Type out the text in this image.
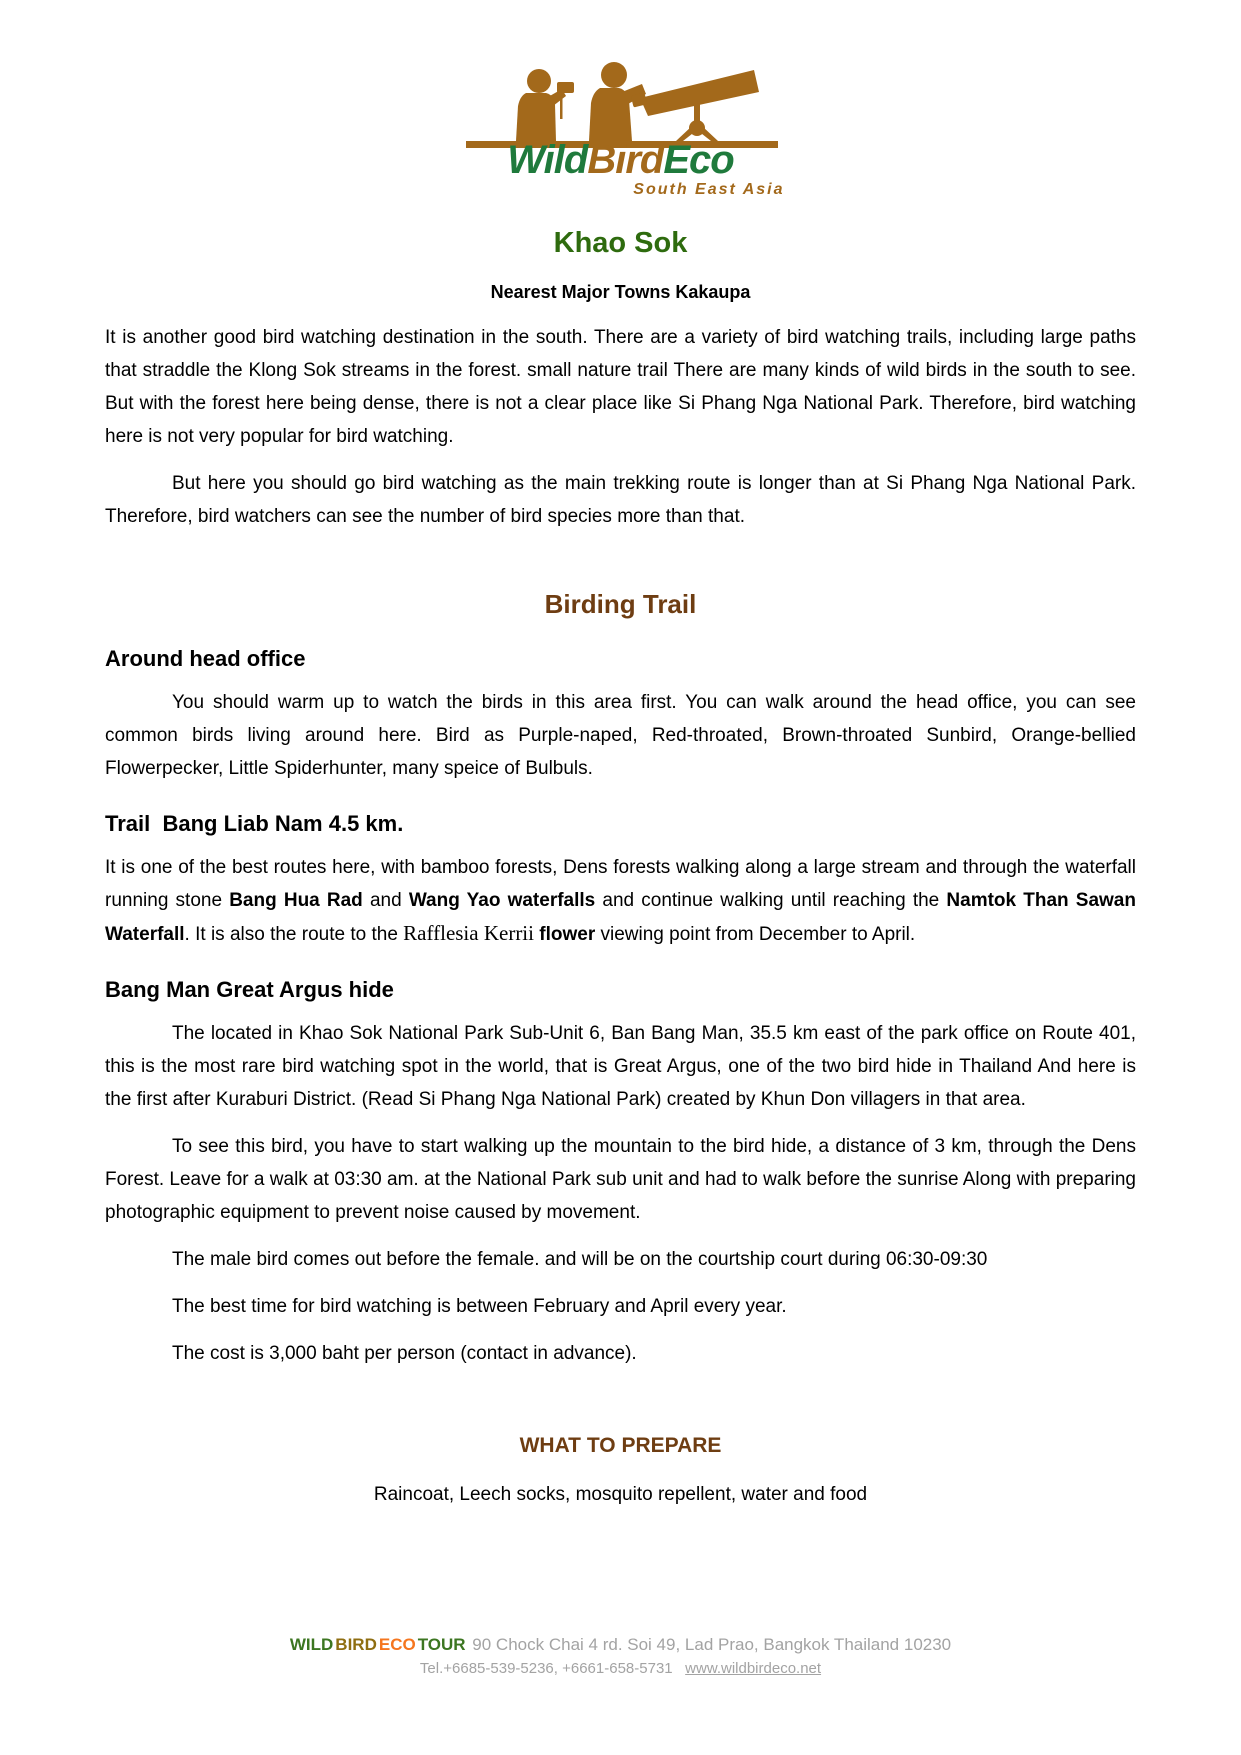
WildBirdEco
South East Asia
Khao Sok
Nearest Major Towns Kakaupa

It is another good bird watching destination in the south. There are a variety of bird watching trails, including large paths that straddle the Klong Sok streams in the forest. small nature trail There are many kinds of wild birds in the south to see. But with the forest here being dense, there is not a clear place like Si Phang Nga National Park. Therefore, bird watching here is not very popular for bird watching.

But here you should go bird watching as the main trekking route is longer than at Si Phang Nga National Park. Therefore, bird watchers can see the number of bird species more than that.

Birding Trail
Around head office

You should warm up to watch the birds in this area first. You can walk around the head office, you can see common birds living around here. Bird as Purple-naped, Red-throated, Brown-throated Sunbird, Orange-bellied Flowerpecker, Little Spiderhunter, many speice of Bulbuls.

Trail  Bang Liab Nam 4.5 km.

It is one of the best routes here, with bamboo forests, Dens forests walking along a large stream and through the waterfall running stone Bang Hua Rad and Wang Yao waterfalls and continue walking until reaching the Namtok Than Sawan Waterfall. It is also the route to the Rafflesia Kerrii flower viewing point from December to April.

Bang Man Great Argus hide

The located in Khao Sok National Park Sub-Unit 6, Ban Bang Man, 35.5 km east of the park office on Route 401, this is the most rare bird watching spot in the world, that is Great Argus, one of the two bird hide in Thailand And here is the first after Kuraburi District. (Read Si Phang Nga National Park) created by Khun Don villagers in that area.

To see this bird, you have to start walking up the mountain to the bird hide, a distance of 3 km, through the Dens Forest. Leave for a walk at 03:30 am. at the National Park sub unit and had to walk before the sunrise Along with preparing photographic equipment to prevent noise caused by movement.

The male bird comes out before the female. and will be on the courtship court during 06:30-09:30

The best time for bird watching is between February and April every year.

The cost is 3,000 baht per person (contact in advance).

WHAT TO PREPARE

Raincoat, Leech socks, mosquito repellent, water and food

WILD BIRD ECO TOUR 90 Chock Chai 4 rd. Soi 49, Lad Prao, Bangkok Thailand 10230
Tel.+6685-539-5236, +6661-658-5731 www.wildbirdeco.net
